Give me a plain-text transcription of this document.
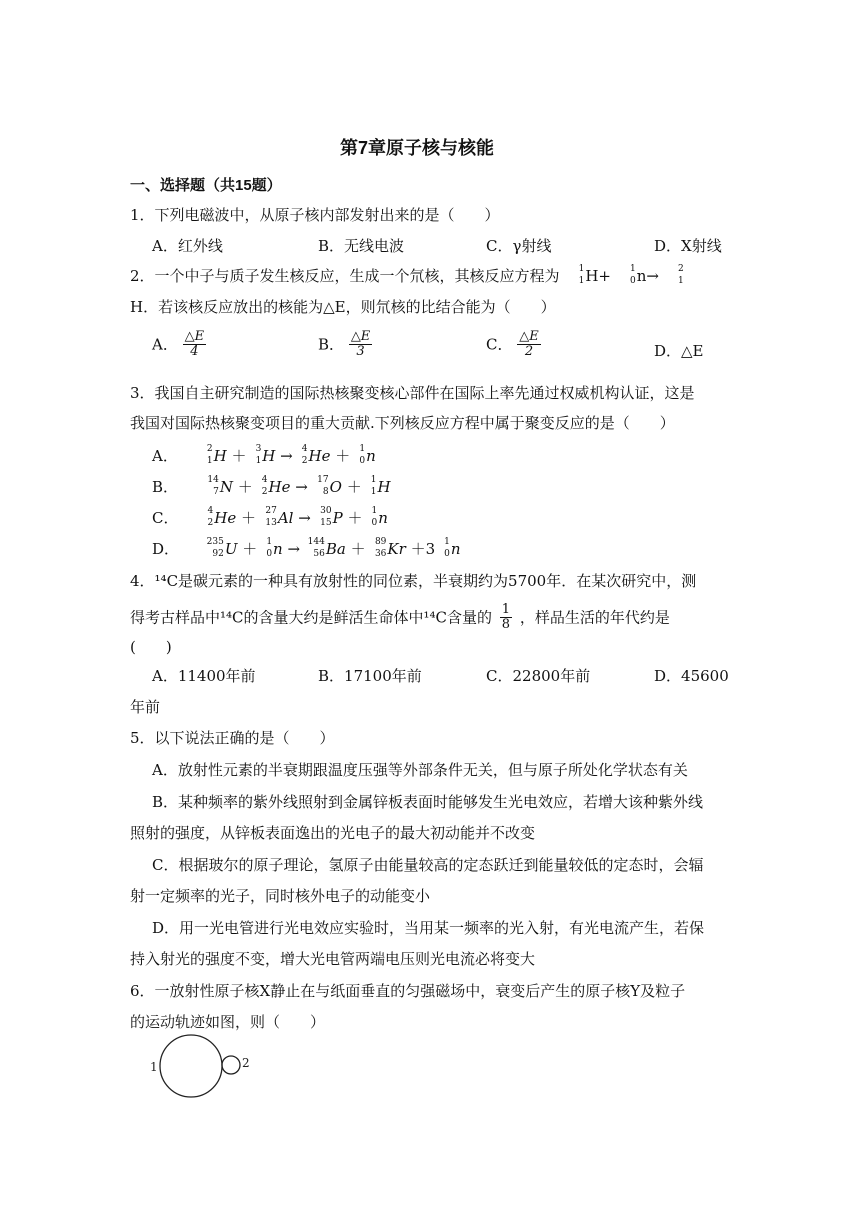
第7章原子核与核能
一、选择题（共15题）
1．下列电磁波中，从原子核内部发射出来的是（　　）
A．红外线	B．无线电波	C．γ射线	D．X射线
2．一个中子与质子发生核反应，生成一个氘核，其核反应方程为 1
1 H+ 1
0 n→ 2
1
H．若该核反应放出的核能为△E，则氘核的比结合能为（　　）
A． $\frac{\triangle E}{4}$	B． $\frac{\triangle E}{3}$	C． $\frac{\triangle E}{2}$	D．△E
3．我国自主研究制造的国际热核聚变核心部件在国际上率先通过权威机构认证，这是
我国对国际热核聚变项目的重大贡献.下列核反应方程中属于聚变反应的是（　　）
A．	2
1 H ＋ 3
1 H → 4
2 He ＋ 1
0 n
B．	14
7 N ＋ 4
2 He → 17
8 O ＋ 1
1 H
C．	4
2 He ＋ 27
13 Al → 30
15 P ＋ 1
0 n
D．	235
92 U ＋ 1
0 n → 144
56 Ba ＋ 89
36 Kr ＋3 1
0 n
4．¹⁴C是碳元素的一种具有放射性的同位素，半衰期约为5700年．在某次研究中，测
得考古样品中¹⁴C的含量大约是鲜活生命体中¹⁴C含量的 $\frac{1}{8}$ ，样品生活的年代约是
(　　)
A．11400年前	B．17100年前	C．22800年前	D．45600
年前
5．以下说法正确的是（　　）
A．放射性元素的半衰期跟温度压强等外部条件无关，但与原子所处化学状态有关
B．某种频率的紫外线照射到金属锌板表面时能够发生光电效应，若增大该种紫外线
照射的强度，从锌板表面逸出的光电子的最大初动能并不改变
C．根据玻尔的原子理论，氢原子由能量较高的定态跃迁到能量较低的定态时，会辐
射一定频率的光子，同时核外电子的动能变小
D．用一光电管进行光电效应实验时，当用某一频率的光入射，有光电流产生，若保
持入射光的强度不变，增大光电管两端电压则光电流必将变大
6．一放射性原子核X静止在与纸面垂直的匀强磁场中，衰变后产生的原子核Y及粒子
的运动轨迹如图，则（　　）
1	2
